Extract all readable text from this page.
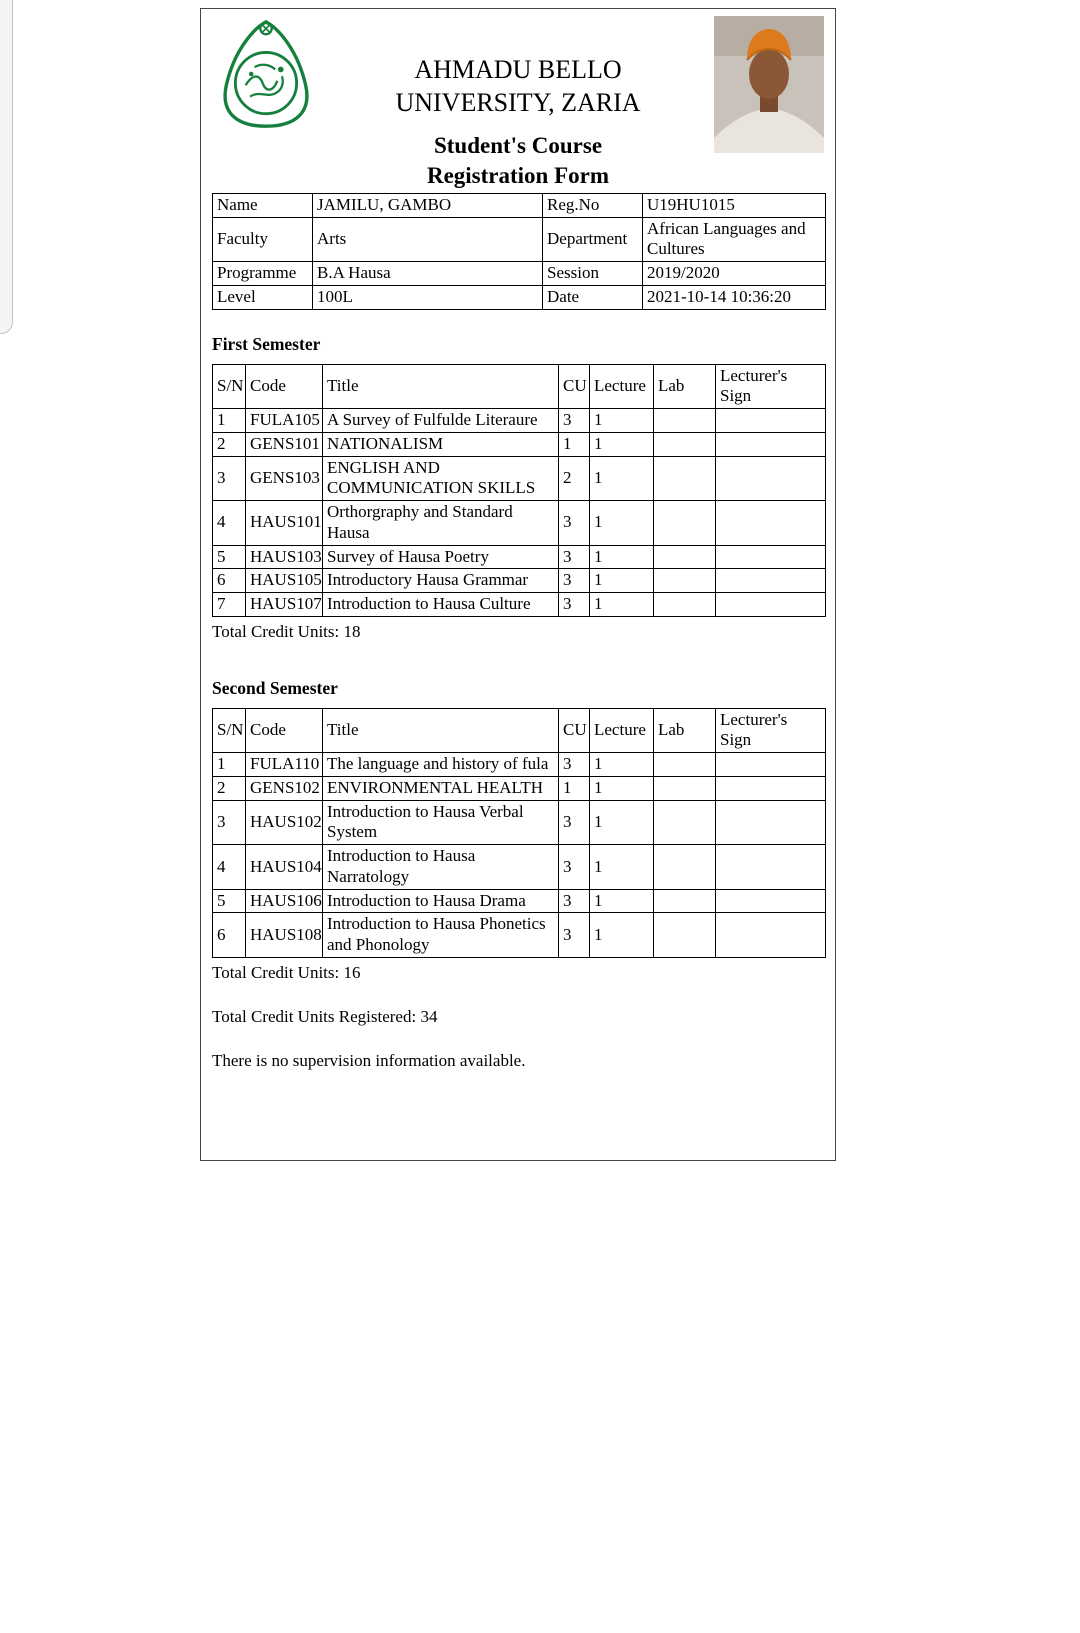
AHMADU BELLO
UNIVERSITY, ZARIA
Student's Course
Registration Form
Name	JAMILU, GAMBO	Reg.No	U19HU1015
Faculty	Arts	Department	African Languages and Cultures
Programme	B.A Hausa	Session	2019/2020
Level	100L	Date	2021-10-14 10:36:20
First Semester
S/N	Code	Title	CU	Lecture	Lab	Lecturer's Sign
1	FULA105	A Survey of Fulfulde Literaure	3	1		
2	GENS101	NATIONALISM	1	1		
3	GENS103	ENGLISH AND COMMUNICATION SKILLS	2	1		
4	HAUS101	Orthorgraphy and Standard Hausa	3	1		
5	HAUS103	Survey of Hausa Poetry	3	1		
6	HAUS105	Introductory Hausa Grammar	3	1		
7	HAUS107	Introduction to Hausa Culture	3	1		
Total Credit Units: 18
Second Semester
S/N	Code	Title	CU	Lecture	Lab	Lecturer's Sign
1	FULA110	The language and history of fula	3	1		
2	GENS102	ENVIRONMENTAL HEALTH	1	1		
3	HAUS102	Introduction to Hausa Verbal System	3	1		
4	HAUS104	Introduction to Hausa Narratology	3	1		
5	HAUS106	Introduction to Hausa Drama	3	1		
6	HAUS108	Introduction to Hausa Phonetics and Phonology	3	1		
Total Credit Units: 16
Total Credit Units Registered: 34
There is no supervision information available.
